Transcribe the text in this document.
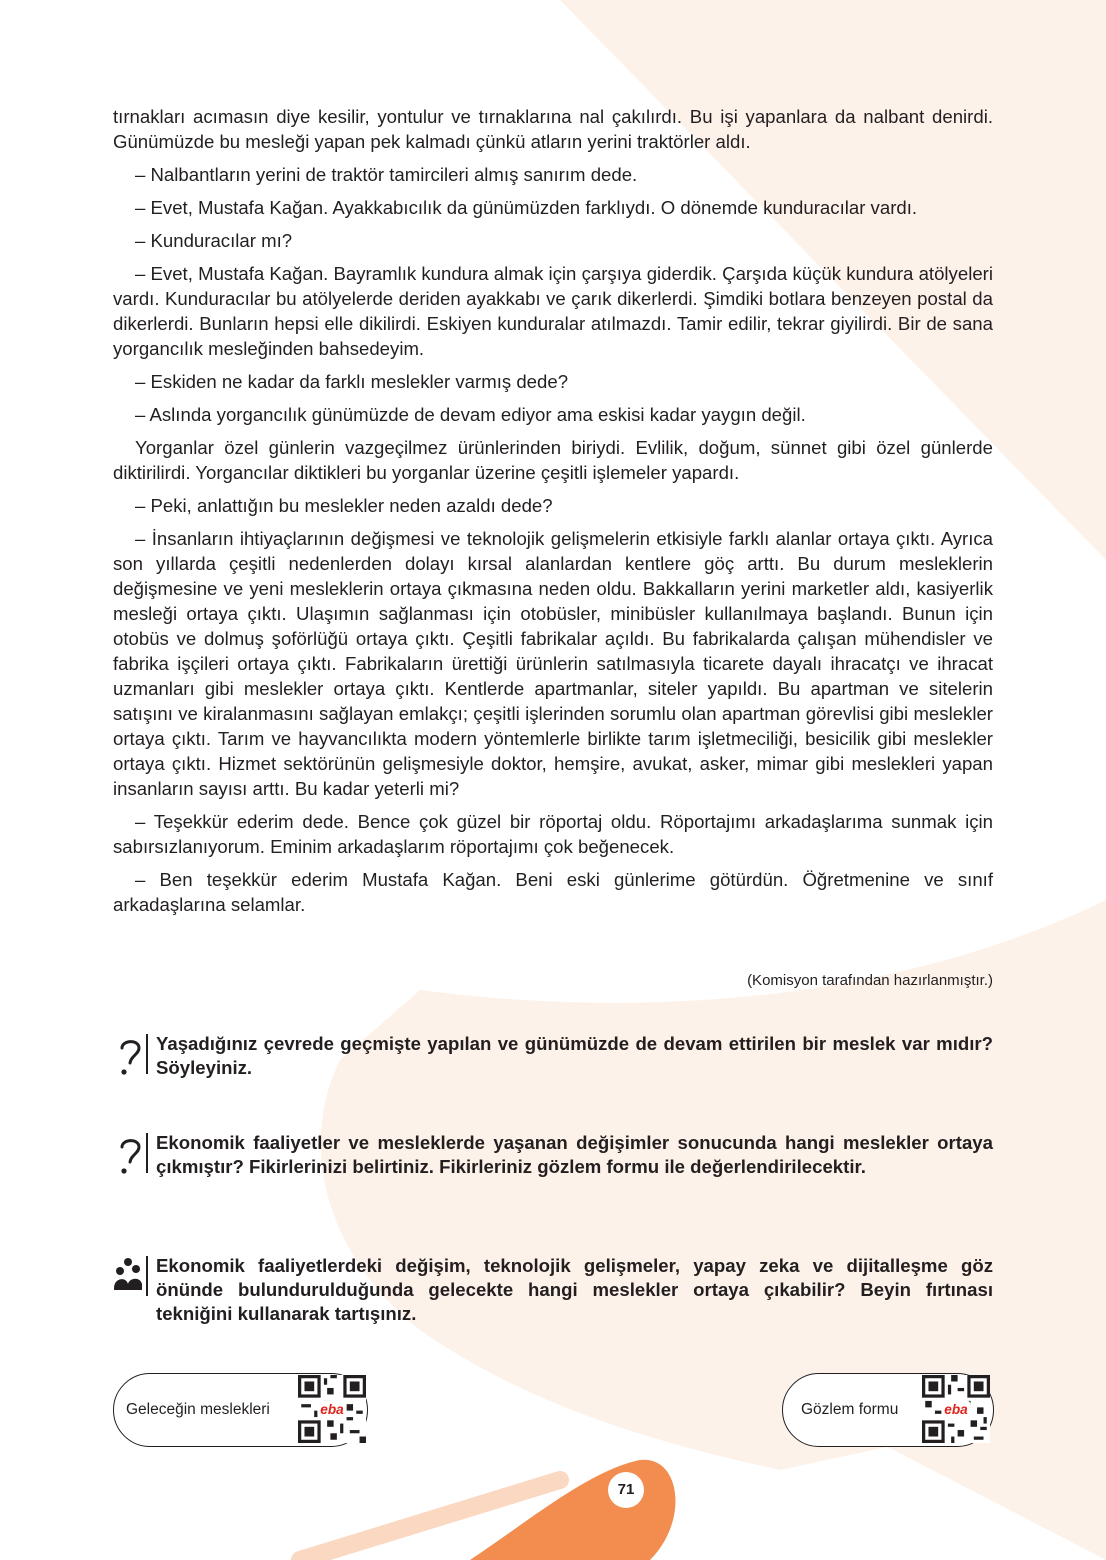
tırnakları acımasın diye kesilir, yontulur ve tırnaklarına nal çakılırdı. Bu işi yapanlara da nalbant denirdi. Günümüzde bu mesleği yapan pek kalmadı çünkü atların yerini traktörler aldı.

– Nalbantların yerini de traktör tamircileri almış sanırım dede.

– Evet, Mustafa Kağan. Ayakkabıcılık da günümüzden farklıydı. O dönemde kunduracılar vardı.

– Kunduracılar mı?

– Evet, Mustafa Kağan. Bayramlık kundura almak için çarşıya giderdik. Çarşıda küçük kundura atölyeleri vardı. Kunduracılar bu atölyelerde deriden ayakkabı ve çarık dikerlerdi. Şimdiki botlara benzeyen postal da dikerlerdi. Bunların hepsi elle dikilirdi. Eskiyen kunduralar atılmazdı. Tamir edilir, tekrar giyilirdi. Bir de sana yorgancılık mesleğinden bahsedeyim.

– Eskiden ne kadar da farklı meslekler varmış dede?

– Aslında yorgancılık günümüzde de devam ediyor ama eskisi kadar yaygın değil.

Yorganlar özel günlerin vazgeçilmez ürünlerinden biriydi. Evlilik, doğum, sünnet gibi özel günlerde diktirilirdi. Yorgancılar diktikleri bu yorganlar üzerine çeşitli işlemeler yapardı.

– Peki, anlattığın bu meslekler neden azaldı dede?

– İnsanların ihtiyaçlarının değişmesi ve teknolojik gelişmelerin etkisiyle farklı alanlar ortaya çıktı. Ayrıca son yıllarda çeşitli nedenlerden dolayı kırsal alanlardan kentlere göç arttı. Bu durum mesleklerin değişmesine ve yeni mesleklerin ortaya çıkmasına neden oldu. Bakkalların yerini marketler aldı, kasiyerlik mesleği ortaya çıktı. Ulaşımın sağlanması için otobüsler, minibüsler kullanılmaya başlandı. Bunun için otobüs ve dolmuş şoförlüğü ortaya çıktı. Çeşitli fabrikalar açıldı. Bu fabrikalarda çalışan mühendisler ve fabrika işçileri ortaya çıktı. Fabrikaların ürettiği ürünlerin satılmasıyla ticarete dayalı ihracatçı ve ihracat uzmanları gibi meslekler ortaya çıktı. Kentlerde apartmanlar, siteler yapıldı. Bu apartman ve sitelerin satışını ve kiralanmasını sağlayan emlakçı; çeşitli işlerinden sorumlu olan apartman görevlisi gibi meslekler ortaya çıktı. Tarım ve hayvancılıkta modern yöntemlerle birlikte tarım işletmeciliği, besicilik gibi meslekler ortaya çıktı. Hizmet sektörünün gelişmesiyle doktor, hemşire, avukat, asker, mimar gibi meslekleri yapan insanların sayısı arttı. Bu kadar yeterli mi?

– Teşekkür ederim dede. Bence çok güzel bir röportaj oldu. Röportajımı arkadaşlarıma sunmak için sabırsızlanıyorum. Eminim arkadaşlarım röportajımı çok beğenecek.

– Ben teşekkür ederim Mustafa Kağan. Beni eski günlerime götürdün. Öğretmenine ve sınıf arkadaşlarına selamlar.

(Komisyon tarafından hazırlanmıştır.)
Yaşadığınız çevrede geçmişte yapılan ve günümüzde de devam ettirilen bir meslek var mıdır? Söyleyiniz.
Ekonomik faaliyetler ve mesleklerde yaşanan değişimler sonucunda hangi meslekler ortaya çıkmıştır? Fikirlerinizi belirtiniz. Fikirleriniz gözlem formu ile değerlendirilecektir.
Ekonomik faaliyetlerdeki değişim, teknolojik gelişmeler, yapay zeka ve dijitalleşme göz önünde bulundurulduğunda gelecekte hangi meslekler ortaya çıkabilir? Beyin fırtınası tekniğini kullanarak tartışınız.
Geleceğin meslekleri	eba	Gözlem formu	eba
71
